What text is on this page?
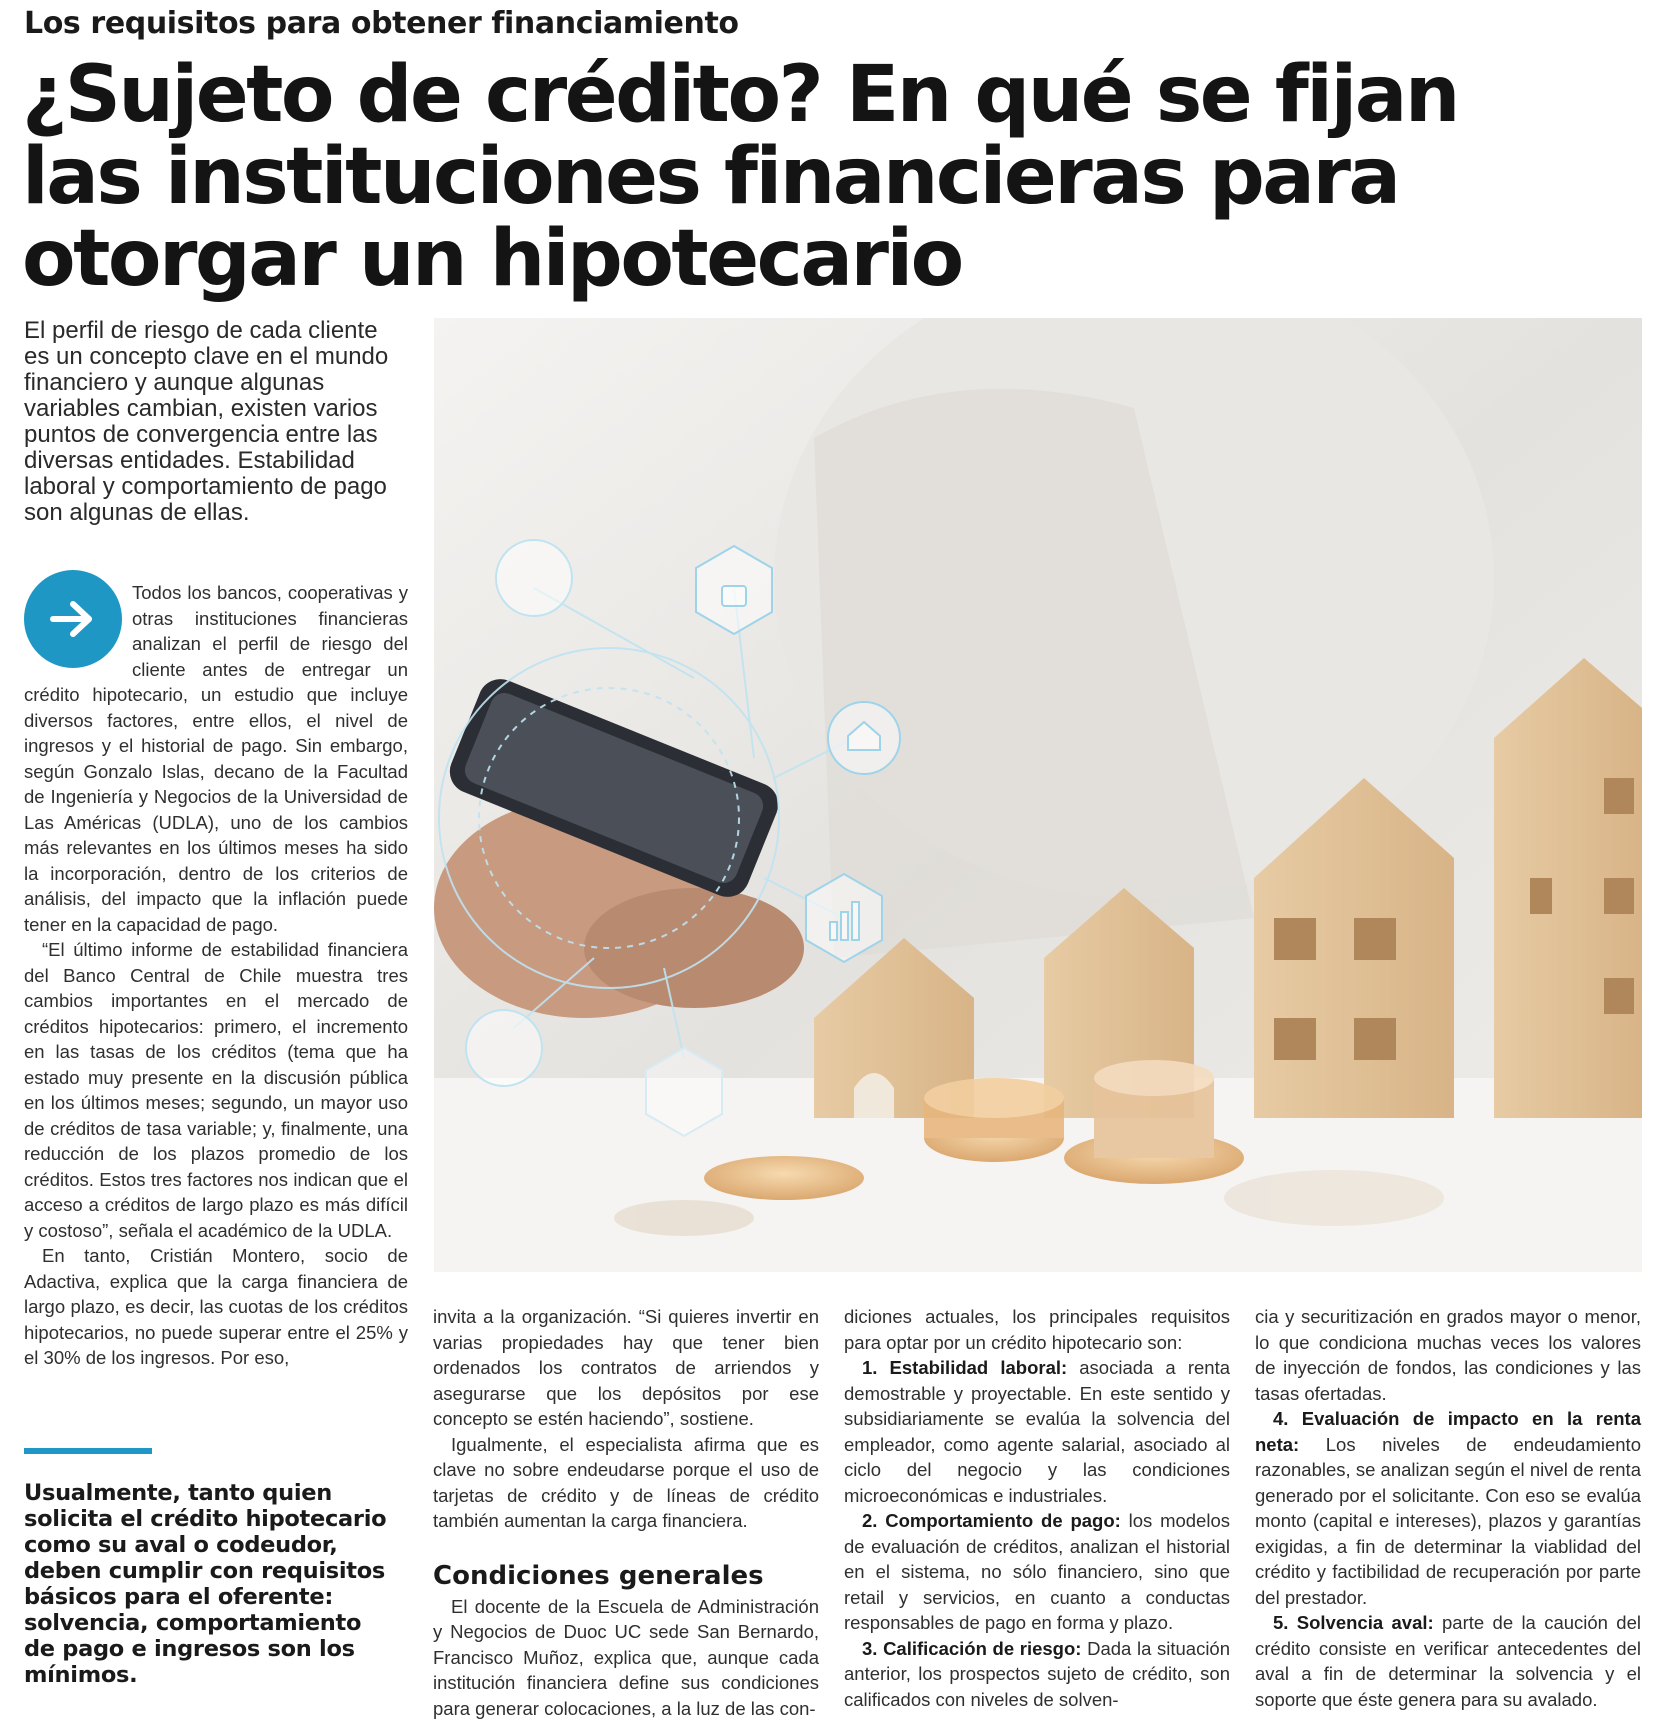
Los requisitos para obtener financiamiento
¿Sujeto de crédito? En qué se fijan
las instituciones financieras para
otorgar un hipotecario

El perfil de riesgo de cada cliente es un concepto clave en el mundo financiero y aunque algunas variables cambian, existen varios puntos de convergencia entre las diversas entidades. Estabilidad laboral y comportamiento de pago son algunas de ellas.

Todos los bancos, cooperativas y otras instituciones financieras analizan el perfil de riesgo del cliente antes de entregar un crédito hipotecario, un estudio que incluye diversos factores, entre ellos, el nivel de ingresos y el historial de pago. Sin embargo, según Gonzalo Islas, decano de la Facultad de Ingeniería y Negocios de la Universidad de Las Américas (UDLA), uno de los cambios más relevantes en los últimos meses ha sido la incorporación, dentro de los criterios de análisis, del impacto que la inflación puede tener en la capacidad de pago.

“El último informe de estabilidad financiera del Banco Central de Chile muestra tres cambios importantes en el mercado de créditos hipotecarios: primero, el incremento en las tasas de los créditos (tema que ha estado muy presente en la discusión pública en los últimos meses; segundo, un mayor uso de créditos de tasa variable; y, finalmente, una reducción de los plazos promedio de los créditos. Estos tres factores nos indican que el acceso a créditos de largo plazo es más difícil y costoso”, señala el académico de la UDLA.

En tanto, Cristián Montero, socio de Adactiva, explica que la carga financiera de largo plazo, es decir, las cuotas de los créditos hipotecarios, no puede superar entre el 25% y el 30% de los ingresos. Por eso,

Usualmente, tanto quien solicita el crédito hipotecario como su aval o codeudor, deben cumplir con requisitos básicos para el oferente: solvencia, comportamiento de pago e ingresos son los mínimos.

invita a la organización. “Si quieres invertir en varias propiedades hay que tener bien ordenados los contratos de arriendos y asegurarse que los depósitos por ese concepto se estén haciendo”, sostiene.

Igualmente, el especialista afirma que es clave no sobre endeudarse porque el uso de tarjetas de crédito y de líneas de crédito también aumentan la carga financiera.

Condiciones generales

El docente de la Escuela de Administración y Negocios de Duoc UC sede San Bernardo, Francisco Muñoz, explica que, aunque cada institución financiera define sus condiciones para generar colocaciones, a la luz de las con-

diciones actuales, los principales requisitos para optar por un crédito hipotecario son:

1. Estabilidad laboral: asociada a renta demostrable y proyectable. En este sentido y subsidiariamente se evalúa la solvencia del empleador, como agente salarial, asociado al ciclo del negocio y las condiciones microeconómicas e industriales.

2. Comportamiento de pago: los modelos de evaluación de créditos, analizan el historial en el sistema, no sólo financiero, sino que retail y servicios, en cuanto a conductas responsables de pago en forma y plazo.

3. Calificación de riesgo: Dada la situación anterior, los prospectos sujeto de crédito, son calificados con niveles de solven-

cia y securitización en grados mayor o menor, lo que condiciona muchas veces los valores de inyección de fondos, las condiciones y las tasas ofertadas.

4. Evaluación de impacto en la renta neta: Los niveles de endeudamiento razonables, se analizan según el nivel de renta generado por el solicitante. Con eso se evalúa monto (capital e intereses), plazos y garantías exigidas, a fin de determinar la viablidad del crédito y factibilidad de recuperación por parte del prestador.

5. Solvencia aval: parte de la caución del crédito consiste en verificar antecedentes del aval a fin de determinar la solvencia y el soporte que éste genera para su avalado.
